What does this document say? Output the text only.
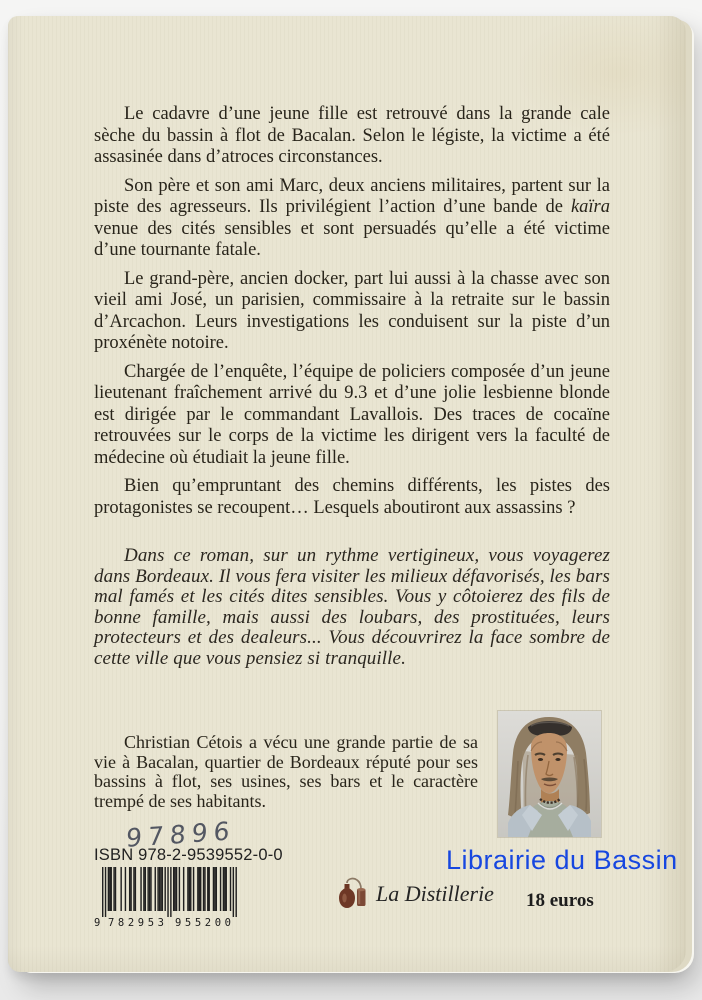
Le cadavre d’une jeune fille est retrouvé dans la grande cale sèche du bassin à flot de Bacalan. Selon le légiste, la victime a été assasinée dans d’atroces circonstances.

Son père et son ami Marc, deux anciens militaires, partent sur la piste des agresseurs. Ils privilégient l’action d’une bande de kaïra venue des cités sensibles et sont persuadés qu’elle a été victime d’une tournante fatale.

Le grand-père, ancien docker, part lui aussi à la chasse avec son vieil ami José, un parisien, commissaire à la retraite sur le bassin d’Arcachon. Leurs investigations les conduisent sur la piste d’un proxénète notoire.

Chargée de l’enquête, l’équipe de policiers composée d’un jeune lieutenant fraîchement arrivé du 9.3 et d’une jolie lesbienne blonde est dirigée par le commandant Lavallois. Des traces de cocaïne retrouvées sur le corps de la victime les dirigent vers la faculté de médecine où étudiait la jeune fille.

Bien qu’empruntant des chemins différents, les pistes des protagonistes se recoupent… Lesquels aboutiront aux assassins ?

Dans ce roman, sur un rythme vertigineux, vous voyagerez dans Bordeaux. Il vous fera visiter les milieux défavorisés, les bars mal famés et les cités dites sensibles. Vous y côtoierez des fils de bonne famille, mais aussi des loubars, des prostituées, leurs protecteurs et des dealeurs... Vous découvrirez la face sombre de cette ville que vous pensiez si tranquille.

Christian Cétois a vécu une grande partie de sa vie à Bacalan, quartier de Bordeaux réputé pour ses bassins à flot, ses usines, ses bars et le caractère trempé de ses habitants.
Librairie du Bassin
97896
ISBN 978-2-9539552-0-0
9 782953 955200
La Distillerie 18 euros
